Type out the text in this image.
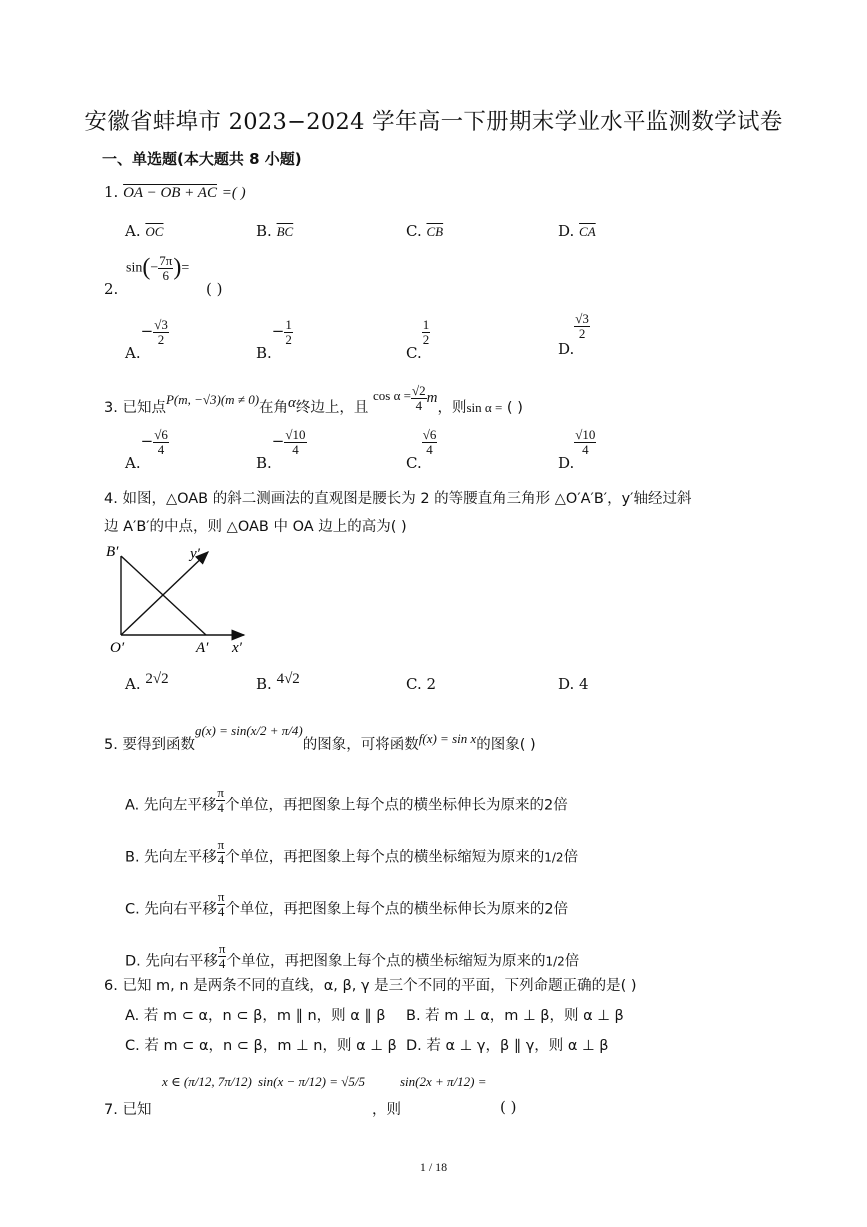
安徽省蚌埠市 2023−2024 学年高一下册期末学业水平监测数学试卷
一、单选题(本大题共 8 小题)
1. OA − OB + AC =( )
A. $\overline{OC}$	B. $\overline{BC}$	C. $\overline{CB}$	D. $\overline{CA}$
2.
$\sin(- \frac{7\pi}{6}$ )=
( )
$A.- \frac{√3}{2}$
$B.- \frac{1}{2}$
C.
$\frac{1}{2}$
D.
$\frac{√3}{2}$
3. 已知点P(m, −√3)(m ≠ 0)在角α终边上，且 $\cos \alpha = \frac{√2}{4}$ m，则sin α = ( )
$A.- \frac{√6}{4}$
$B.- \frac{√10}{4}$
C.
$\frac{√6}{4}$
D.
$\frac{√10}{4}$
4. 如图，△OAB 的斜二测画法的直观图是腰长为 2 的等腰直角三角形 △O′A′B′，y′轴经过斜
边 A′B′的中点，则 △OAB 中 OA 边上的高为( )
B′
O′	A′ x′
y′
A. 2√2	B. 4√2	C. 2	D. 4
5. 要得到函数g(x) = sin(x/2 + π/4)的图象，可将函数f(x) = sin x的图象( )
A. 先向左平移 $\frac{\pi}{4}$ 个单位，再把图象上每个点的横坐标伸长为原来的2倍
B. 先向左平移 $\frac{\pi}{4}$ 个单位，再把图象上每个点的横坐标缩短为原来的1/2倍
C. 先向右平移 $\frac{\pi}{4}$ 个单位，再把图象上每个点的横坐标伸长为原来的2倍
D. 先向右平移 $\frac{\pi}{4}$ 个单位，再把图象上每个点的横坐标缩短为原来的1/2倍
6. 已知 m, n 是两条不同的直线，α, β, γ 是三个不同的平面，下列命题正确的是( )
A. 若 m ⊂ α，n ⊂ β，m ∥ n，则 α ∥ β B. 若 m ⊥ α，m ⊥ β，则 α ⊥ β
C. 若 m ⊂ α，n ⊂ β，m ⊥ n，则 α ⊥ β D. 若 α ⊥ γ，β ∥ γ，则 α ⊥ β
7. 已知
x ∈ (π/12, 7π/12) sin(x − π/12) = √5/5
，则
sin(2x + π/12) =
( )
1 / 18
